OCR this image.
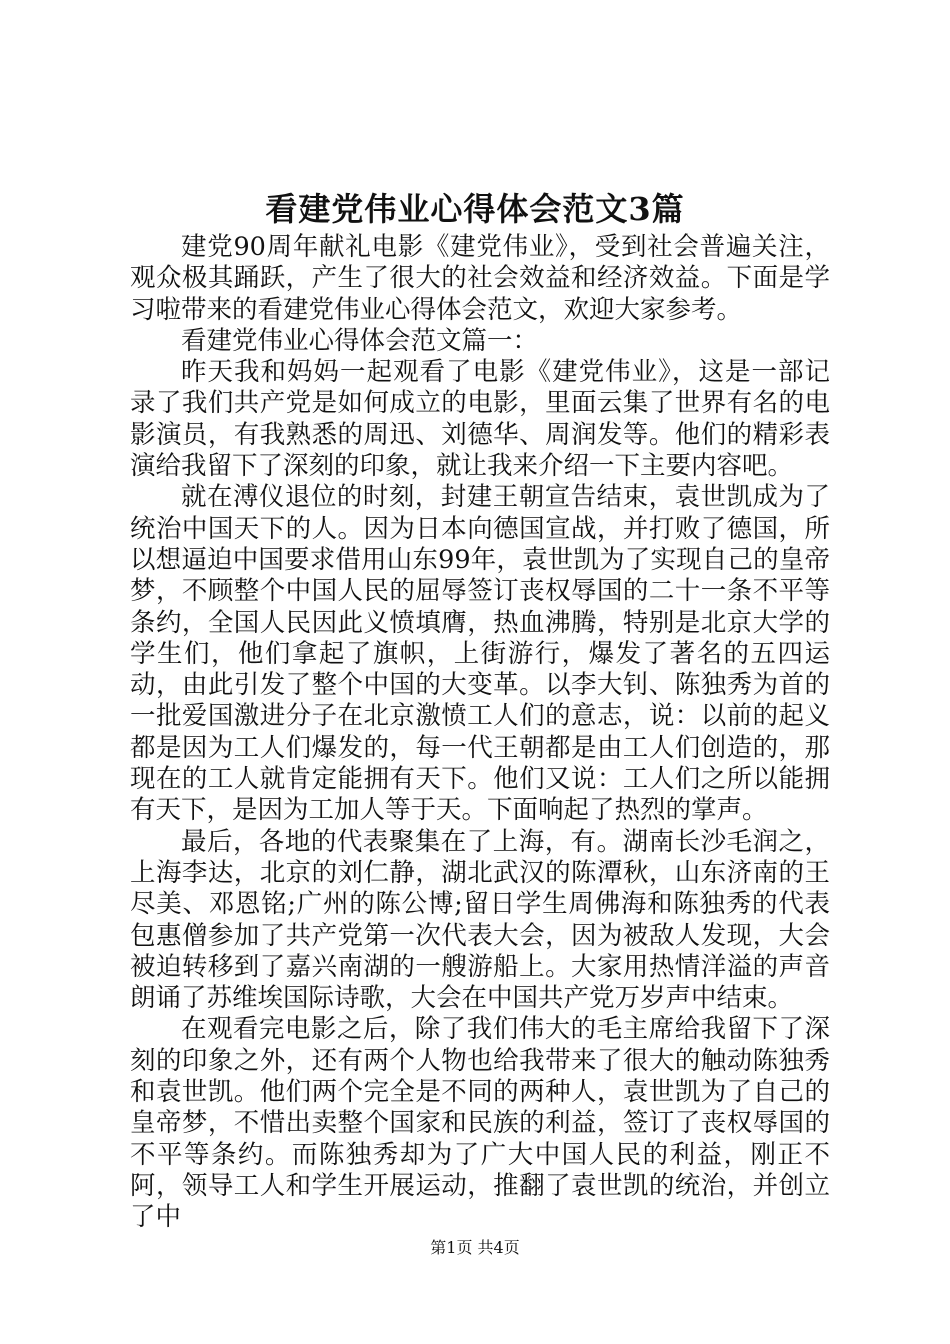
看建党伟业心得体会范文3篇

建党90周年献礼电影《建党伟业》，受到社会普遍关注，观众极其踊跃，产生了很大的社会效益和经济效益。下面是学习啦带来的看建党伟业心得体会范文，欢迎大家参考。

看建党伟业心得体会范文篇一：

昨天我和妈妈一起观看了电影《建党伟业》，这是一部记录了我们共产党是如何成立的电影，里面云集了世界有名的电影演员，有我熟悉的周迅、刘德华、周润发等。他们的精彩表演给我留下了深刻的印象，就让我来介绍一下主要内容吧。

就在溥仪退位的时刻，封建王朝宣告结束，袁世凯成为了统治中国天下的人。因为日本向德国宣战，并打败了德国，所以想逼迫中国要求借用山东99年，袁世凯为了实现自己的皇帝梦，不顾整个中国人民的屈辱签订丧权辱国的二十一条不平等条约，全国人民因此义愤填膺，热血沸腾，特别是北京大学的学生们，他们拿起了旗帜，上街游行，爆发了著名的五四运动，由此引发了整个中国的大变革。以李大钊、陈独秀为首的一批爱国激进分子在北京激愤工人们的意志，说：以前的起义都是因为工人们爆发的，每一代王朝都是由工人们创造的，那现在的工人就肯定能拥有天下。他们又说：工人们之所以能拥有天下，是因为工加人等于天。下面响起了热烈的掌声。

最后，各地的代表聚集在了上海，有。湖南长沙毛润之，上海李达，北京的刘仁静，湖北武汉的陈潭秋，山东济南的王尽美、邓恩铭;广州的陈公博;留日学生周佛海和陈独秀的代表包惠僧参加了共产党第一次代表大会，因为被敌人发现，大会被迫转移到了嘉兴南湖的一艘游船上。大家用热情洋溢的声音朗诵了苏维埃国际诗歌，大会在中国共产党万岁声中结束。

在观看完电影之后，除了我们伟大的毛主席给我留下了深刻的印象之外，还有两个人物也给我带来了很大的触动陈独秀和袁世凯。他们两个完全是不同的两种人，袁世凯为了自己的皇帝梦，不惜出卖整个国家和民族的利益，签订了丧权辱国的不平等条约。而陈独秀却为了广大中国人民的利益，刚正不阿，领导工人和学生开展运动，推翻了袁世凯的统治，并创立了中

第1页 共4页
